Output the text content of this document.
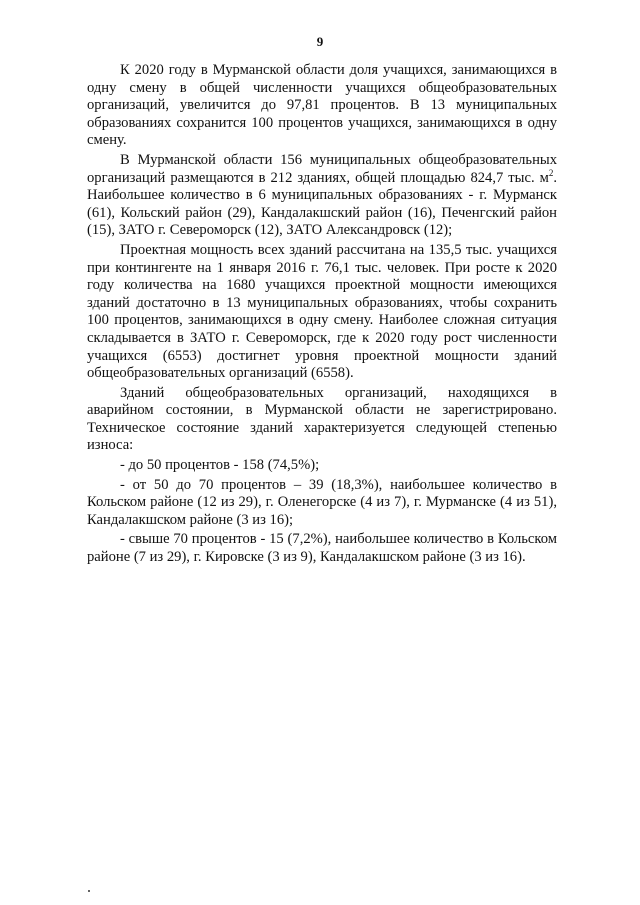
9

К 2020 году в Мурманской области доля учащихся, занимающихся в одну смену в общей численности учащихся общеобразовательных организаций, увеличится до 97,81 процентов. В 13 муниципальных образованиях сохранится 100 процентов учащихся, занимающихся в одну смену.

В Мурманской области 156 муниципальных общеобразовательных организаций размещаются в 212 зданиях, общей площадью 824,7 тыс. $м^2$. Наибольшее количество в 6 муниципальных образованиях - г. Мурманск (61), Кольский район (29), Кандалакшский район (16), Печенгский район (15), ЗАТО г. Североморск (12), ЗАТО Александровск (12);

Проектная мощность всех зданий рассчитана на 135,5 тыс. учащихся при контингенте на 1 января 2016 г. 76,1 тыс. человек. При росте к 2020 году количества на 1680 учащихся проектной мощности имеющихся зданий достаточно в 13 муниципальных образованиях, чтобы сохранить 100 процентов, занимающихся в одну смену. Наиболее сложная ситуация складывается в ЗАТО г. Североморск, где к 2020 году рост численности учащихся (6553) достигнет уровня проектной мощности зданий общеобразовательных организаций (6558).

Зданий общеобразовательных организаций, находящихся в аварийном состоянии, в Мурманской области не зарегистрировано. Техническое состояние зданий характеризуется следующей степенью износа:

- до 50 процентов - 158 (74,5%);

- от 50 до 70 процентов – 39 (18,3%), наибольшее количество в Кольском районе (12 из 29), г. Оленегорске (4 из 7), г. Мурманске (4 из 51), Кандалакшском районе (3 из 16);

- свыше 70 процентов - 15 (7,2%), наибольшее количество в Кольском районе (7 из 29), г. Кировске (3 из 9), Кандалакшском районе (3 из 16).
